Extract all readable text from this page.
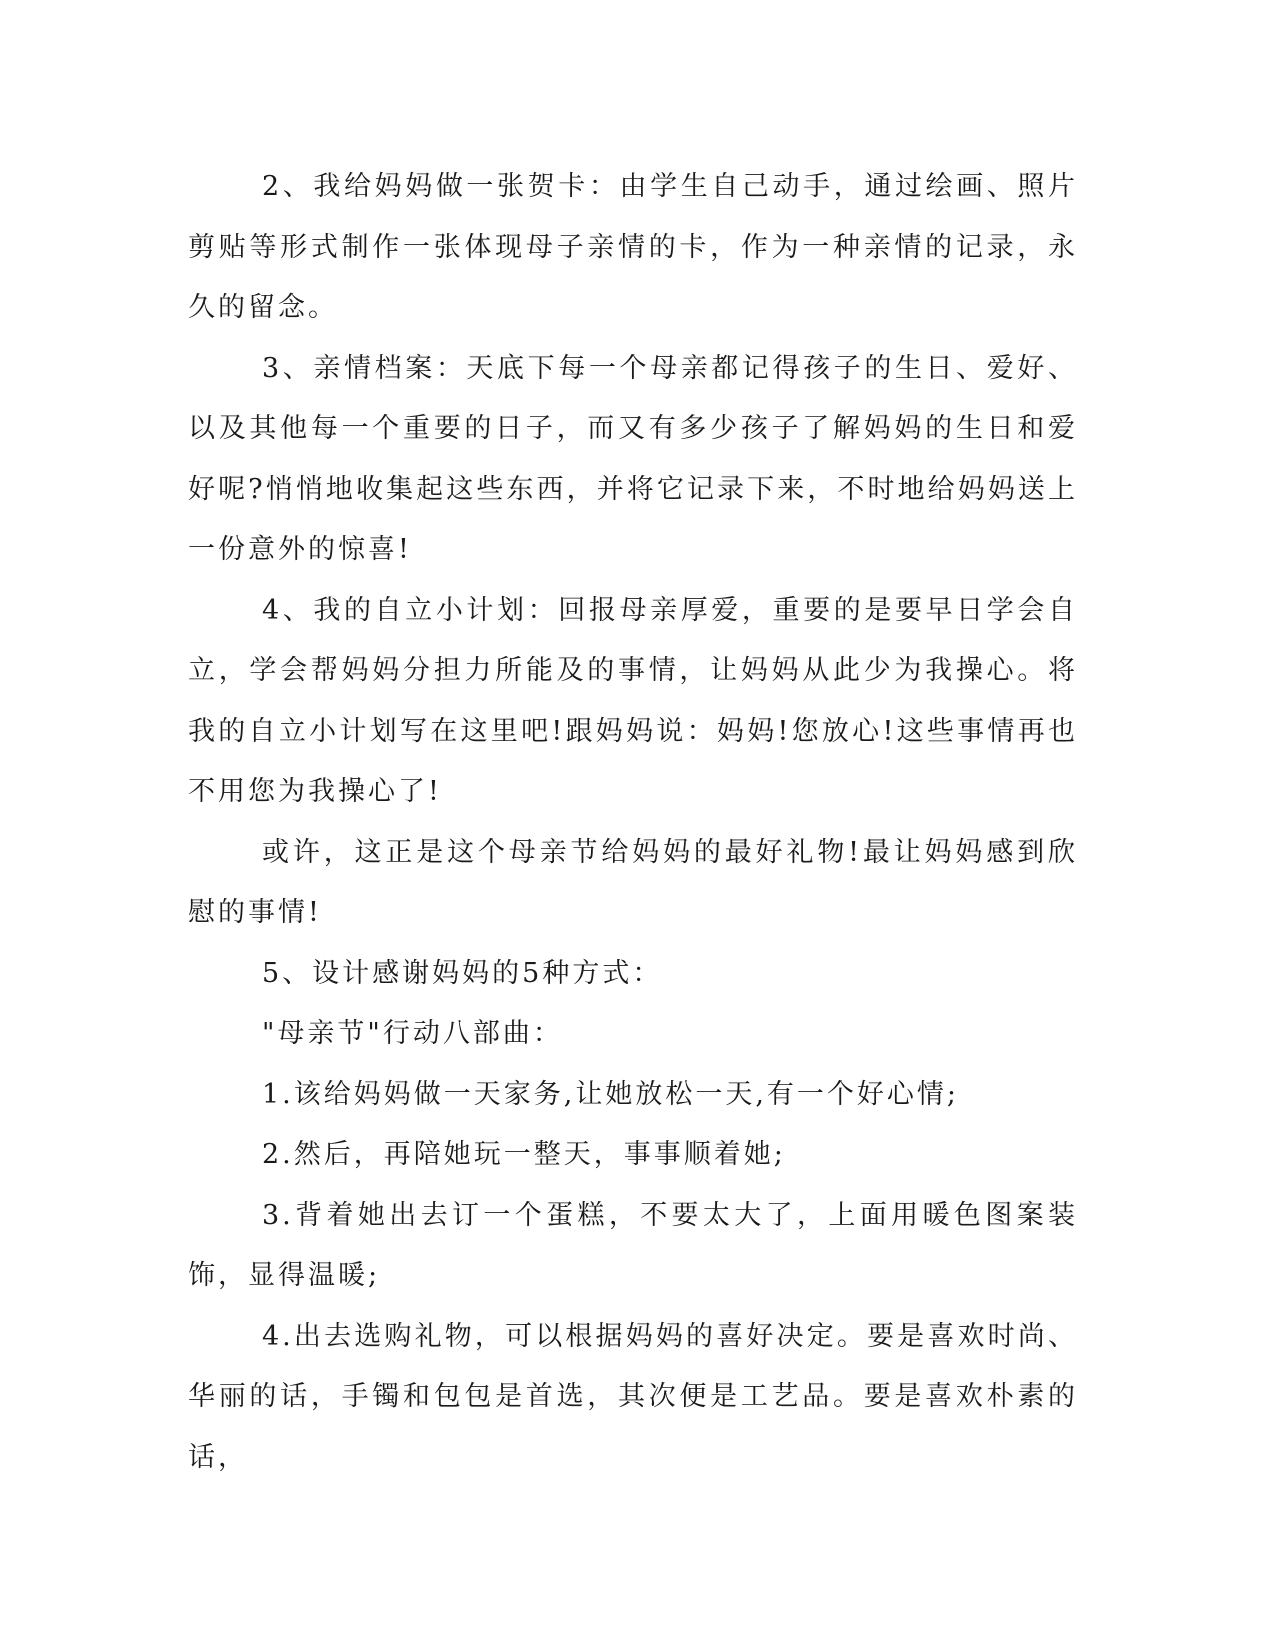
2、我给妈妈做一张贺卡：由学生自己动手，通过绘画、照片剪贴等形式制作一张体现母子亲情的卡，作为一种亲情的记录，永久的留念。

3、亲情档案：天底下每一个母亲都记得孩子的生日、爱好、以及其他每一个重要的日子，而又有多少孩子了解妈妈的生日和爱好呢?悄悄地收集起这些东西，并将它记录下来，不时地给妈妈送上一份意外的惊喜!

4、我的自立小计划：回报母亲厚爱，重要的是要早日学会自立，学会帮妈妈分担力所能及的事情，让妈妈从此少为我操心。将我的自立小计划写在这里吧!跟妈妈说：妈妈!您放心!这些事情再也不用您为我操心了!

或许，这正是这个母亲节给妈妈的最好礼物!最让妈妈感到欣慰的事情!

5、设计感谢妈妈的5种方式：

"母亲节"行动八部曲：

1.该给妈妈做一天家务,让她放松一天,有一个好心情;

2.然后，再陪她玩一整天，事事顺着她;

3.背着她出去订一个蛋糕，不要太大了，上面用暖色图案装饰，显得温暖;

4.出去选购礼物，可以根据妈妈的喜好决定。要是喜欢时尚、华丽的话，手镯和包包是首选，其次便是工艺品。要是喜欢朴素的话，
